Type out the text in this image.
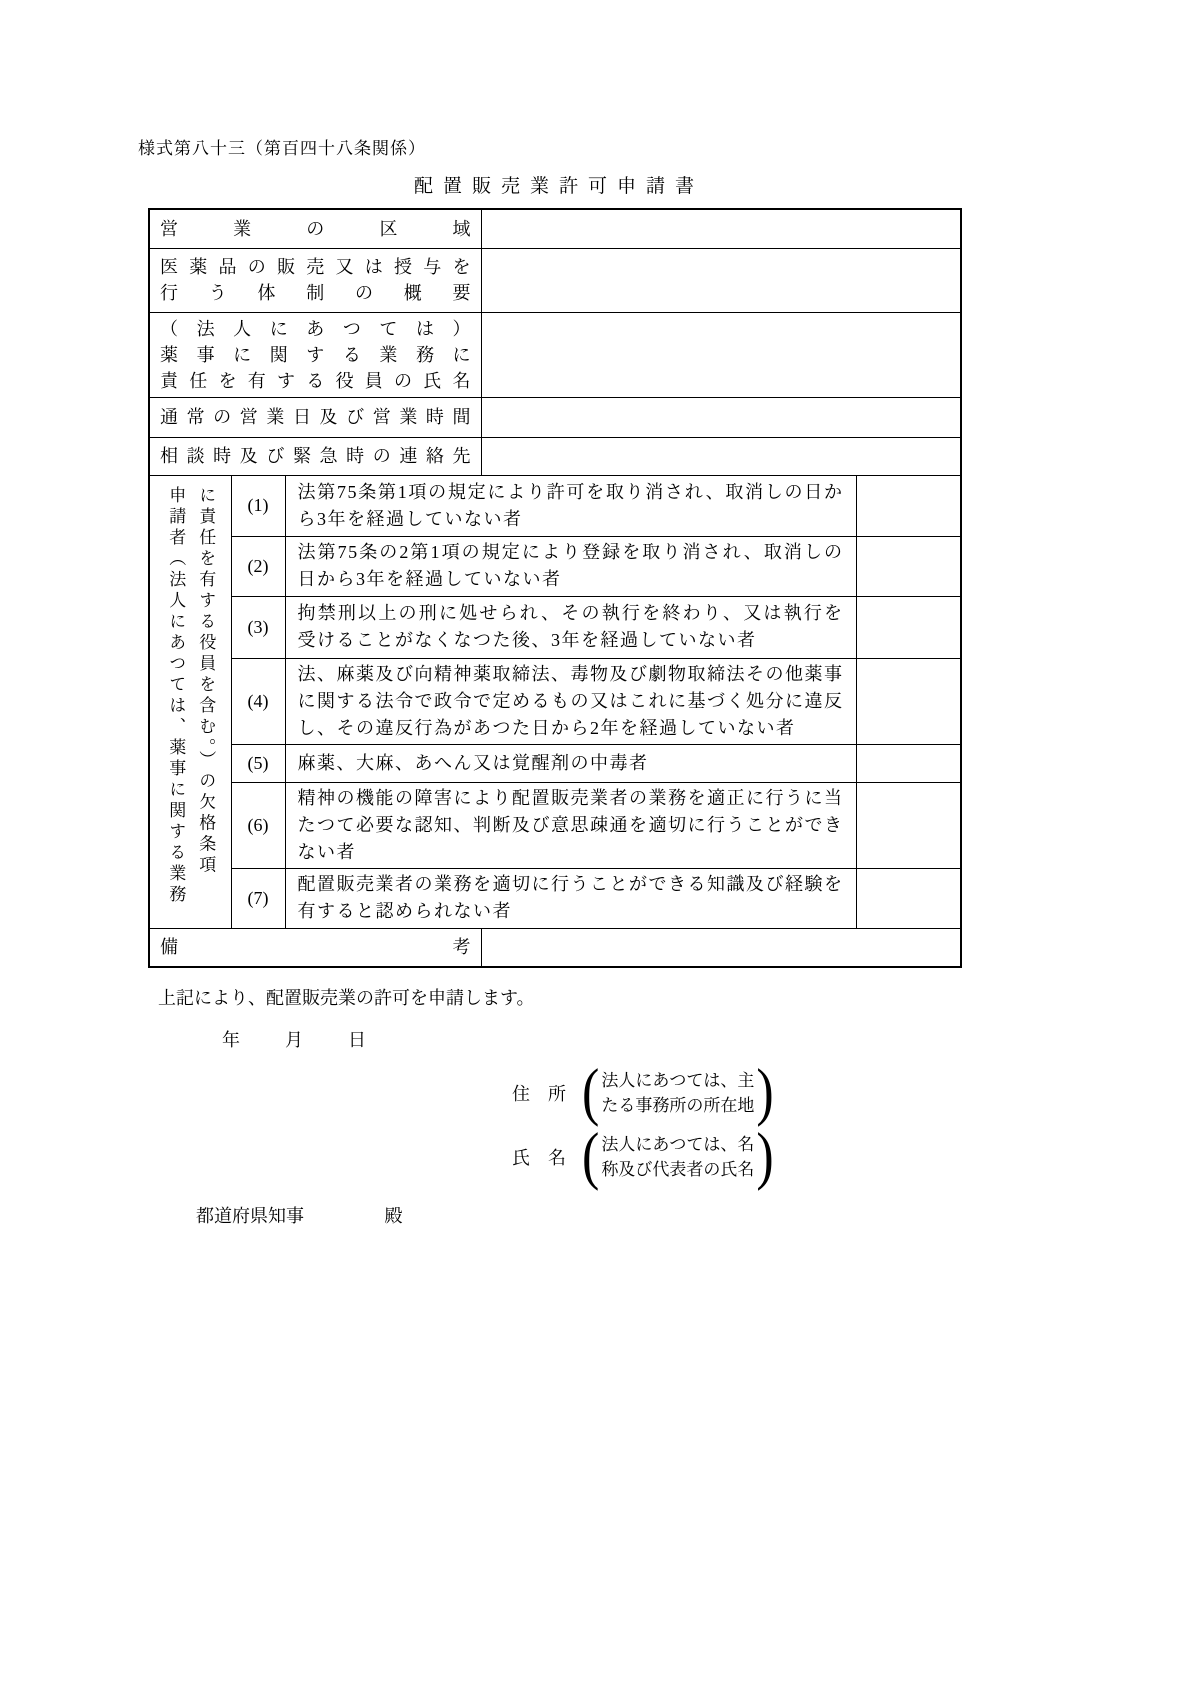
様式第八十三（第百四十八条関係）
配置販売業許可申請書
営業の区域				

医薬品の販売又は授与を
行う体制の概要				

（法人にあつては）
薬事に関する業務に
責任を有する役員の氏名				

通常の営業日及び営業時間				

相談時及び緊急時の連絡先				

申請者（法人にあつては、薬事に関する業務に責任を有する役員を含む。）の欠格条項	(1)	法第75条第1項の規定により許可を取り消され、取消しの日から3年を経過していない者		
	(2)	法第75条の2第1項の規定により登録を取り消され、取消しの日から3年を経過していない者		
	(3)	拘禁刑以上の刑に処せられ、その執行を終わり、又は執行を受けることがなくなつた後、3年を経過していない者		
	(4)	法、麻薬及び向精神薬取締法、毒物及び劇物取締法その他薬事に関する法令で政令で定めるもの又はこれに基づく処分に違反し、その違反行為があつた日から2年を経過していない者		
	(5)	麻薬、大麻、あへん又は覚醒剤の中毒者		
	(6)	精神の機能の障害により配置販売業者の業務を適正に行うに当たつて必要な認知、判断及び意思疎通を適切に行うことができない者		
	(7)	配置販売業者の業務を適切に行うことができる知識及び経験を有すると認められない者		

備考				

上記により、配置販売業の許可を申請します。
年　　月　　日
住　所 ( 法人にあつては、主
たる事務所の所在地 )
氏　名 ( 法人にあつては、名
称及び代表者の氏名 )
都道府県知事	殿
